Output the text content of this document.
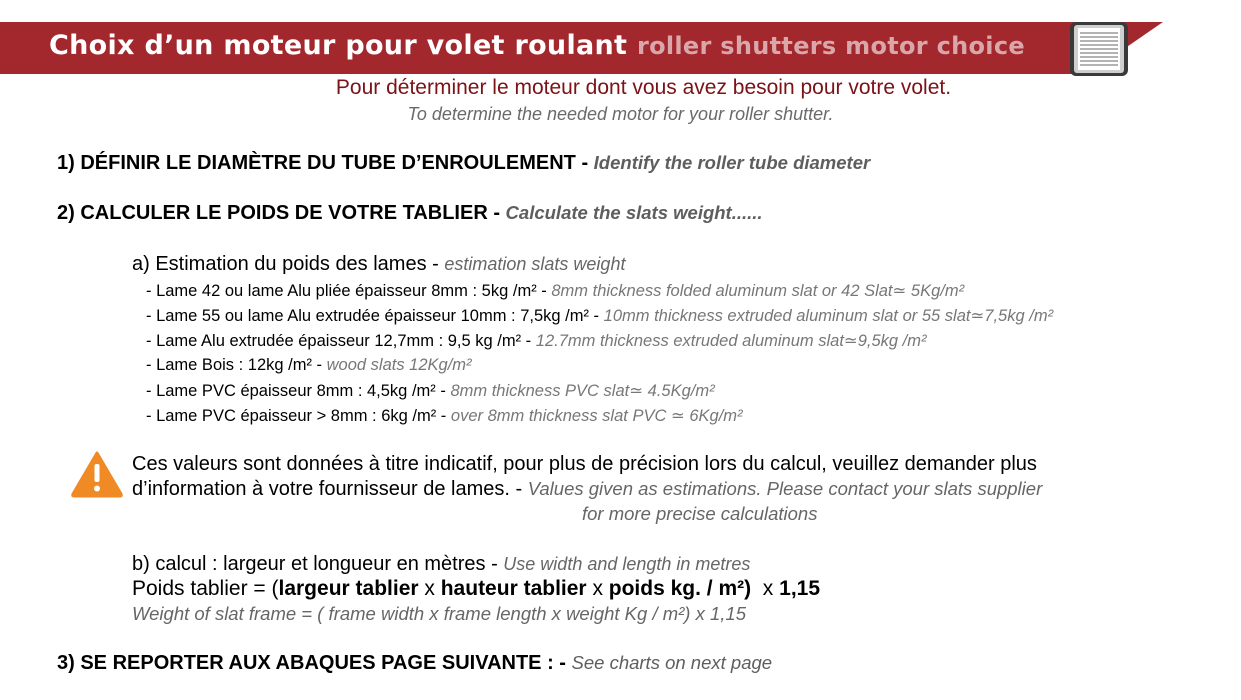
Choix d’un moteur pour volet roulant roller shutters motor choice
Pour déterminer le moteur dont vous avez besoin pour votre volet.
To determine the needed motor for your roller shutter.
1) DÉFINIR LE DIAMÈTRE DU TUBE D’ENROULEMENT - Identify the roller tube diameter
2) CALCULER LE POIDS DE VOTRE TABLIER - Calculate the slats weight......
a) Estimation du poids des lames - estimation slats weight
- Lame 42 ou lame Alu pliée épaisseur 8mm : 5kg /m² - 8mm thickness folded aluminum slat or 42 Slat≃ 5Kg/m²
- Lame 55 ou lame Alu extrudée épaisseur 10mm : 7,5kg /m² - 10mm thickness extruded aluminum slat or 55 slat≃7,5kg /m²
- Lame Alu extrudée épaisseur 12,7mm : 9,5 kg /m² - 12.7mm thickness extruded aluminum slat≃9,5kg /m²
- Lame Bois : 12kg /m² - wood slats 12Kg/m²
- Lame PVC épaisseur 8mm : 4,5kg /m² - 8mm thickness PVC slat≃ 4.5Kg/m²
- Lame PVC épaisseur > 8mm : 6kg /m² - over 8mm thickness slat PVC ≃ 6Kg/m²
Ces valeurs sont données à titre indicatif, pour plus de précision lors du calcul, veuillez demander plus
d’information à votre fournisseur de lames. - Values given as estimations. Please contact your slats supplier
for more precise calculations
b) calcul : largeur et longueur en mètres - Use width and length in metres
Poids tablier = (largeur tablier x hauteur tablier x poids kg. / m²)  x 1,15
Weight of slat frame = ( frame width x frame length x weight Kg / m²) x 1,15
3) SE REPORTER AUX ABAQUES PAGE SUIVANTE : - See charts on next page
